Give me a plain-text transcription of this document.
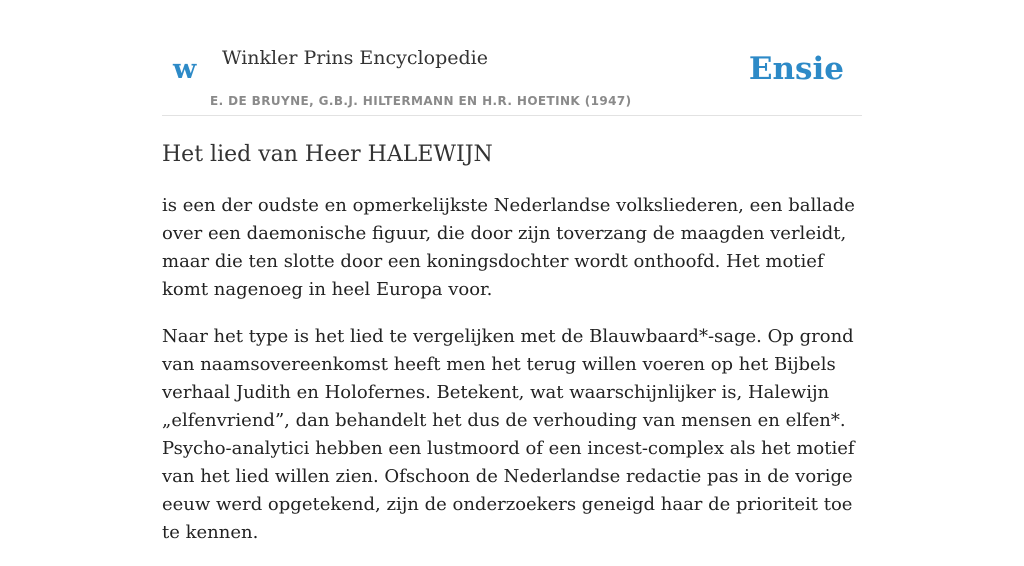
w Winkler Prins Encyclopedie
E. DE BRUYNE, G.B.J. HILTERMANN EN H.R. HOETINK (1947)
Ensie
Het lied van Heer HALEWIJN

is een der oudste en opmerkelijkste Nederlandse volksliederen, een ballade over een daemonische figuur, die door zijn toverzang de maagden verleidt, maar die ten slotte door een koningsdochter wordt onthoofd. Het motief komt nagenoeg in heel Europa voor.

Naar het type is het lied te vergelijken met de Blauwbaard*-sage. Op grond van naamsovereenkomst heeft men het terug willen voeren op het Bijbels verhaal Judith en Holofernes. Betekent, wat waarschijnlijker is, Halewijn „elfenvriend”, dan behandelt het dus de verhouding van mensen en elfen*. Psycho-analytici hebben een lustmoord of een incest-complex als het motief van het lied willen zien. Ofschoon de Nederlandse redactie pas in de vorige eeuw werd opgetekend, zijn de onderzoekers geneigd haar de prioriteit toe te kennen.
